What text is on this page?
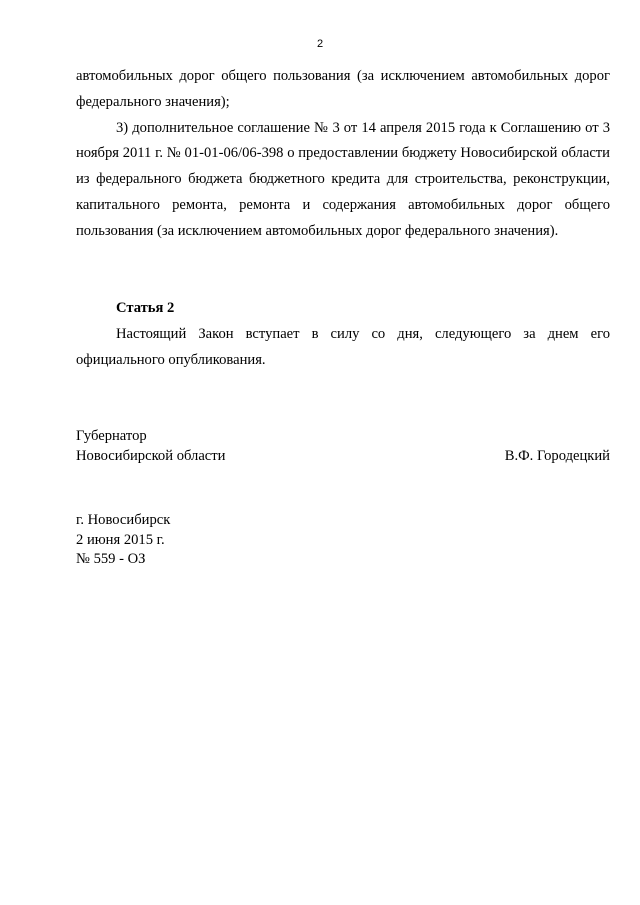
2

автомобильных дорог общего пользования (за исключением автомобильных дорог федерального значения);

3) дополнительное соглашение № 3 от 14 апреля 2015 года к Соглашению от 3 ноября 2011 г. № 01-01-06/06-398 о предоставлении бюджету Новосибирской области из федерального бюджета бюджетного кредита для строительства, реконструкции, капитального ремонта, ремонта и содержания автомобильных дорог общего пользования (за исключением автомобильных дорог федерального значения).

Статья 2

Настоящий Закон вступает в силу со дня, следующего за днем его официального опубликования.

Губернатор
Новосибирской области	В.Ф. Городецкий
г. Новосибирск
2 июня 2015 г.
№ 559 - ОЗ
